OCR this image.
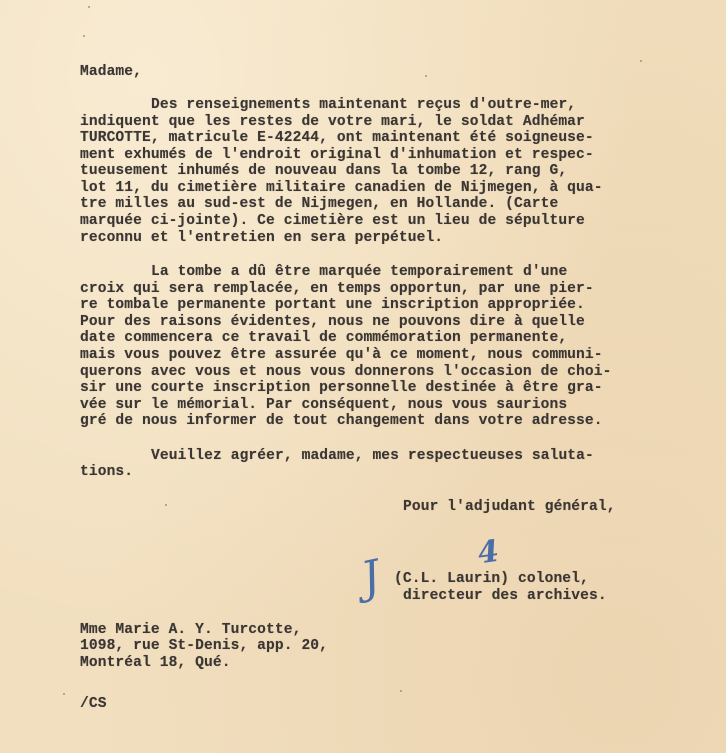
Madame,
Des renseignements maintenant reçus d'outre-mer,
indiquent que les restes de votre mari, le soldat Adhémar
TURCOTTE, matricule E-42244, ont maintenant été soigneuse-
ment exhumés de l'endroit original d'inhumation et respec-
tueusement inhumés de nouveau dans la tombe 12, rang G,
lot 11, du cimetière militaire canadien de Nijmegen, à qua-
tre milles au sud-est de Nijmegen, en Hollande. (Carte
marquée ci-jointe). Ce cimetière est un lieu de sépulture
reconnu et l'entretien en sera perpétuel.
La tombe a dû être marquée temporairement d'une
croix qui sera remplacée, en temps opportun, par une pier-
re tombale permanente portant une inscription appropriée.
Pour des raisons évidentes, nous ne pouvons dire à quelle
date commencera ce travail de commémoration permanente,
mais vous pouvez être assurée qu'à ce moment, nous communi-
querons avec vous et nous vous donnerons l'occasion de choi-
sir une courte inscription personnelle destinée à être gra-
vée sur le mémorial. Par conséquent, nous vous saurions
gré de nous informer de tout changement dans votre adresse.
Veuillez agréer, madame, mes respectueuses saluta-
tions.
Pour l'adjudant général,
4
J (C.L. Laurin) colonel,
directeur des archives.
Mme Marie A. Y. Turcotte,
1098, rue St-Denis, app. 20,
Montréal 18, Qué.
/CS
